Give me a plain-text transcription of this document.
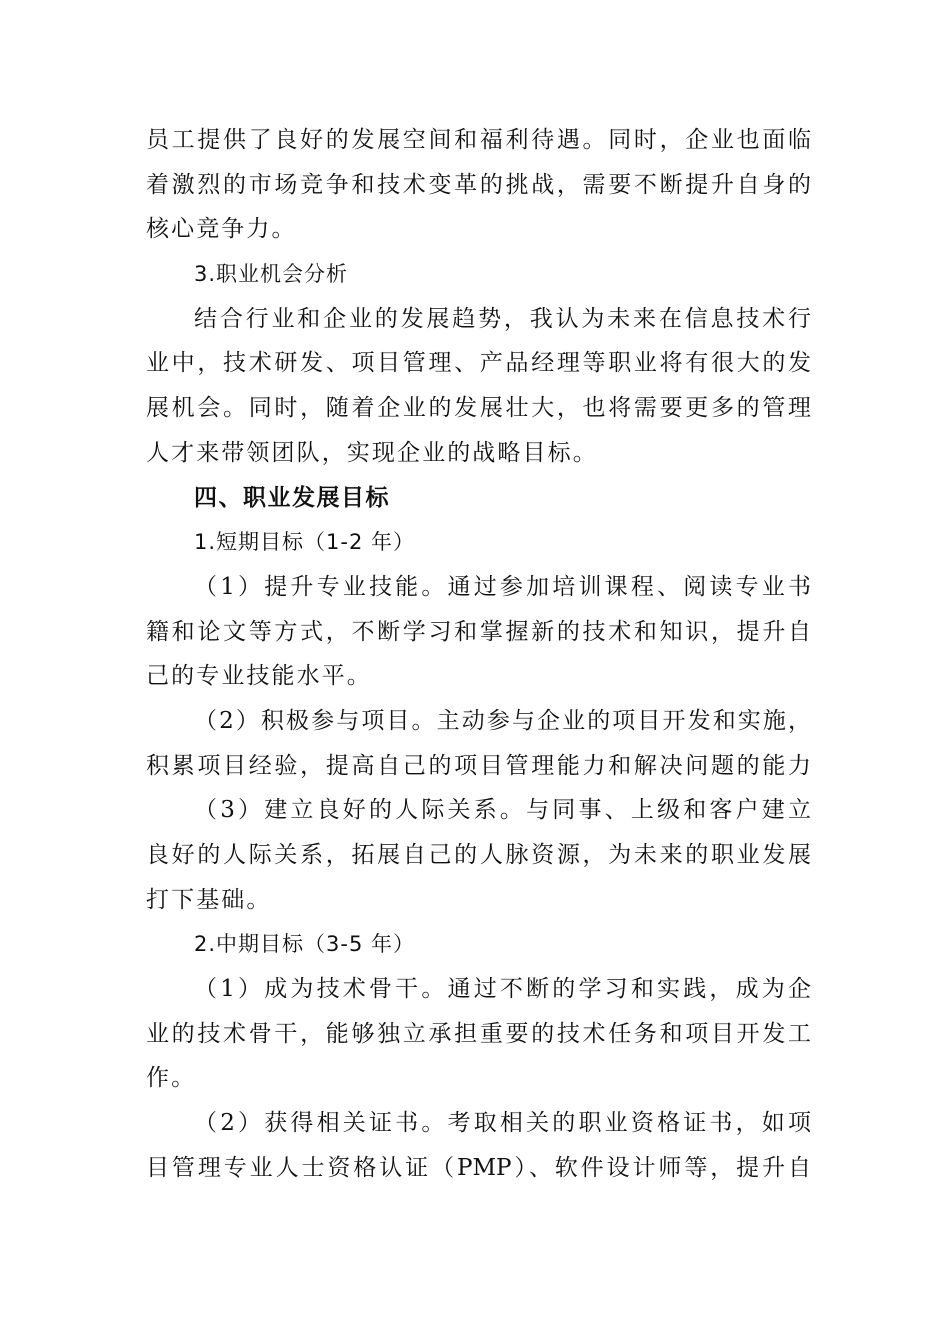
员工提供了良好的发展空间和福利待遇。同时，企业也面临
着激烈的市场竞争和技术变革的挑战，需要不断提升自身的
核心竞争力。
3.职业机会分析
结合行业和企业的发展趋势，我认为未来在信息技术行
业中，技术研发、项目管理、产品经理等职业将有很大的发
展机会。同时，随着企业的发展壮大，也将需要更多的管理
人才来带领团队，实现企业的战略目标。
四、职业发展目标
1.短期目标（1-2 年）
（1）提升专业技能。通过参加培训课程、阅读专业书
籍和论文等方式，不断学习和掌握新的技术和知识，提升自
己的专业技能水平。
（2）积极参与项目。主动参与企业的项目开发和实施，
积累项目经验，提高自己的项目管理能力和解决问题的能力
（3）建立良好的人际关系。与同事、上级和客户建立
良好的人际关系，拓展自己的人脉资源，为未来的职业发展
打下基础。
2.中期目标（3-5 年）
（1）成为技术骨干。通过不断的学习和实践，成为企
业的技术骨干，能够独立承担重要的技术任务和项目开发工
作。
（2）获得相关证书。考取相关的职业资格证书，如项
目管理专业人士资格认证（PMP）、软件设计师等，提升自
